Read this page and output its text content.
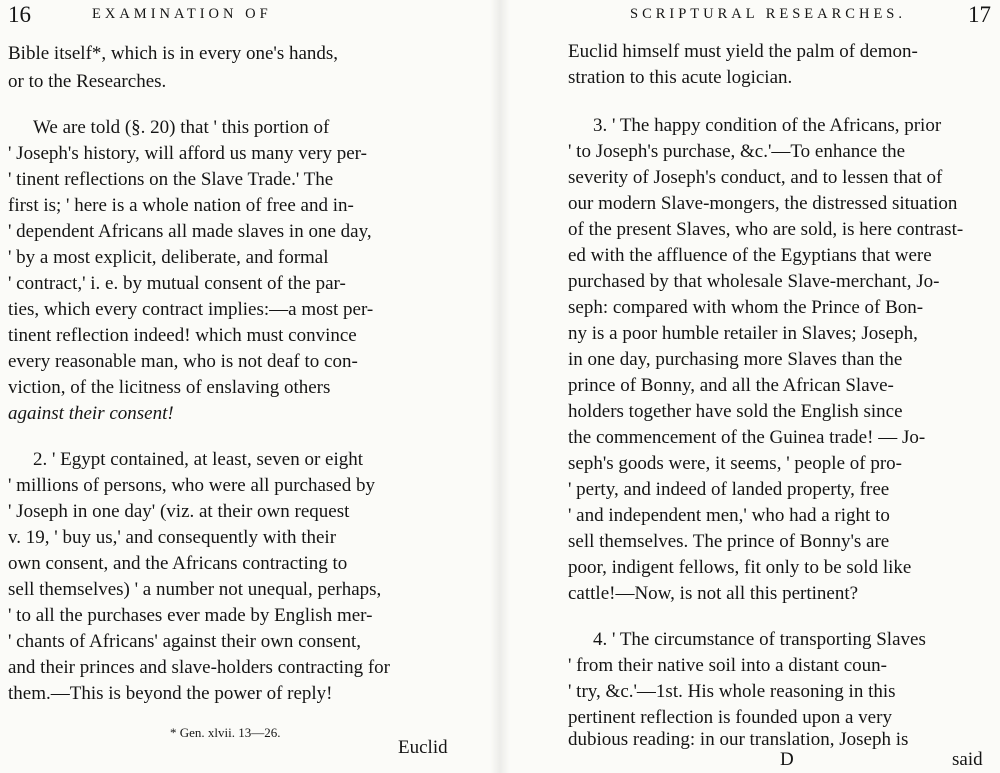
16	EXAMINATION OF
Bible itself*, which is in every one's hands,
or to the Researches.
We are told (§. 20) that ' this portion of
' Joseph's history, will afford us many very per-
' tinent reflections on the Slave Trade.' The
first is; ' here is a whole nation of free and in-
' dependent Africans all made slaves in one day,
' by a most explicit, deliberate, and formal
' contract,' i. e. by mutual consent of the par-
ties, which every contract implies:—a most per-
tinent reflection indeed! which must convince
every reasonable man, who is not deaf to con-
viction, of the licitness of enslaving others
against their consent!
2. ' Egypt contained, at least, seven or eight
' millions of persons, who were all purchased by
' Joseph in one day' (viz. at their own request
v. 19, ' buy us,' and consequently with their
own consent, and the Africans contracting to
sell themselves) ' a number not unequal, perhaps,
' to all the purchases ever made by English mer-
' chants of Africans' against their own consent,
and their princes and slave-holders contracting for
them.—This is beyond the power of reply!
* Gen. xlvii. 13—26.
Euclid
SCRIPTURAL RESEARCHES.	17
Euclid himself must yield the palm of demon-
stration to this acute logician.
3. ' The happy condition of the Africans, prior
' to Joseph's purchase, &c.'—To enhance the
severity of Joseph's conduct, and to lessen that of
our modern Slave-mongers, the distressed situation
of the present Slaves, who are sold, is here contrast-
ed with the affluence of the Egyptians that were
purchased by that wholesale Slave-merchant, Jo-
seph: compared with whom the Prince of Bon-
ny is a poor humble retailer in Slaves; Joseph,
in one day, purchasing more Slaves than the
prince of Bonny, and all the African Slave-
holders together have sold the English since
the commencement of the Guinea trade! — Jo-
seph's goods were, it seems, ' people of pro-
' perty, and indeed of landed property, free
' and independent men,' who had a right to
sell themselves. The prince of Bonny's are
poor, indigent fellows, fit only to be sold like
cattle!—Now, is not all this pertinent?
4. ' The circumstance of transporting Slaves
' from their native soil into a distant coun-
' try, &c.'—1st. His whole reasoning in this
pertinent reflection is founded upon a very
dubious reading: in our translation, Joseph is
D	said
